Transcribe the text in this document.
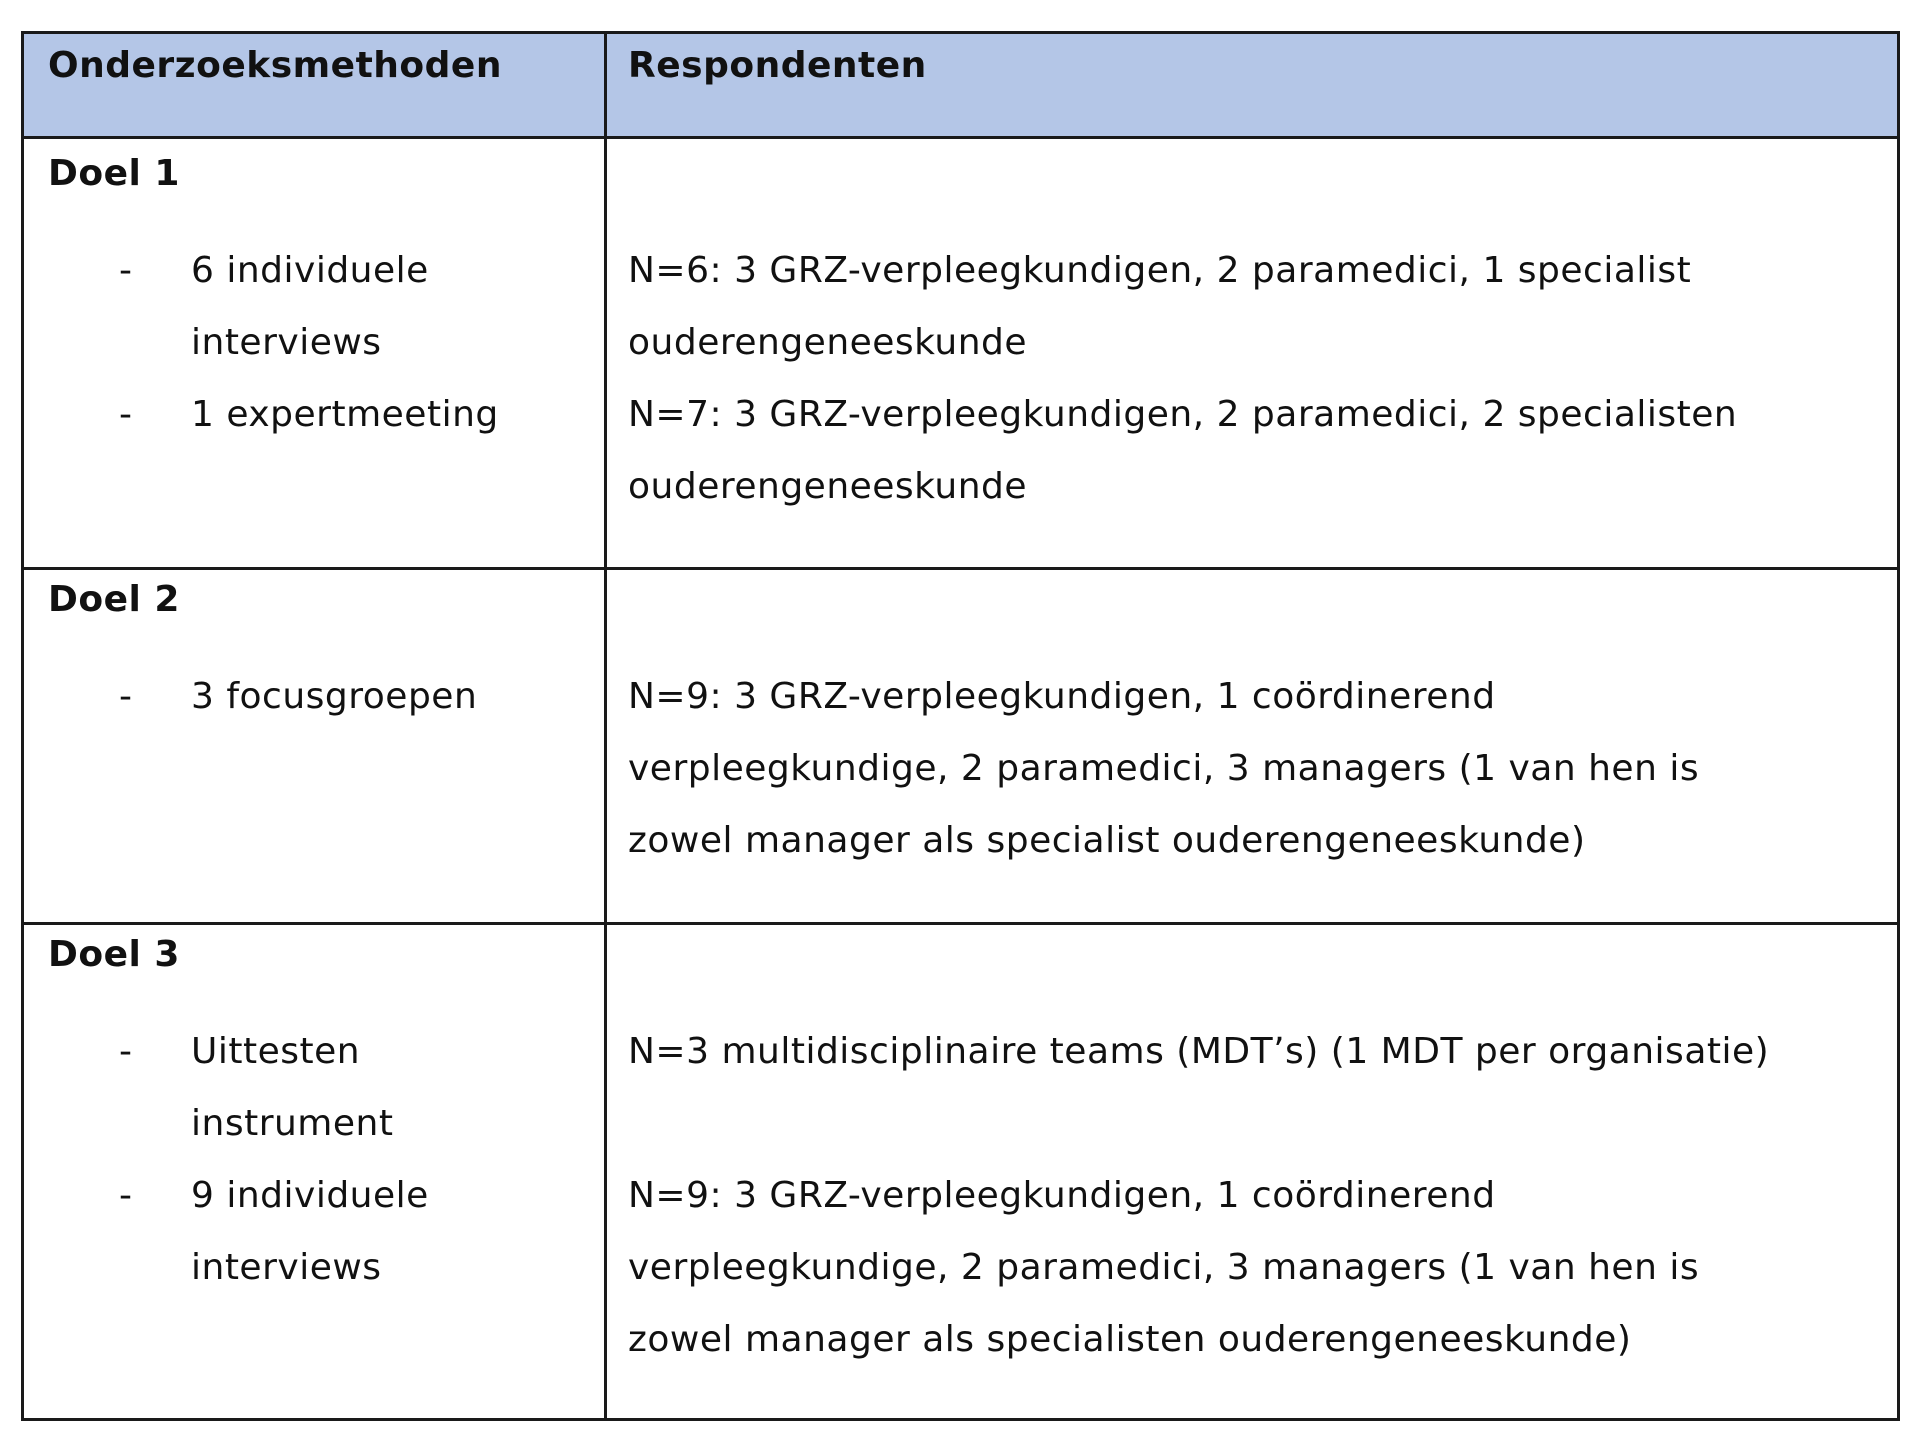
Onderzoeksmethoden	Respondenten
Doel 1
- 6 individuele
interviews
- 1 expertmeeting
N=6: 3 GRZ-verpleegkundigen, 2 paramedici, 1 specialist
ouderengeneeskunde
N=7: 3 GRZ-verpleegkundigen, 2 paramedici, 2 specialisten
ouderengeneeskunde
Doel 2
- 3 focusgroepen	N=9: 3 GRZ-verpleegkundigen, 1 coördinerend
verpleegkundige, 2 paramedici, 3 managers (1 van hen is
zowel manager als specialist ouderengeneeskunde)
Doel 3
- Uittesten
instrument
- 9 individuele
interviews
N=3 multidisciplinaire teams (MDT’s) (1 MDT per organisatie)
N=9: 3 GRZ-verpleegkundigen, 1 coördinerend
verpleegkundige, 2 paramedici, 3 managers (1 van hen is
zowel manager als specialisten ouderengeneeskunde)
